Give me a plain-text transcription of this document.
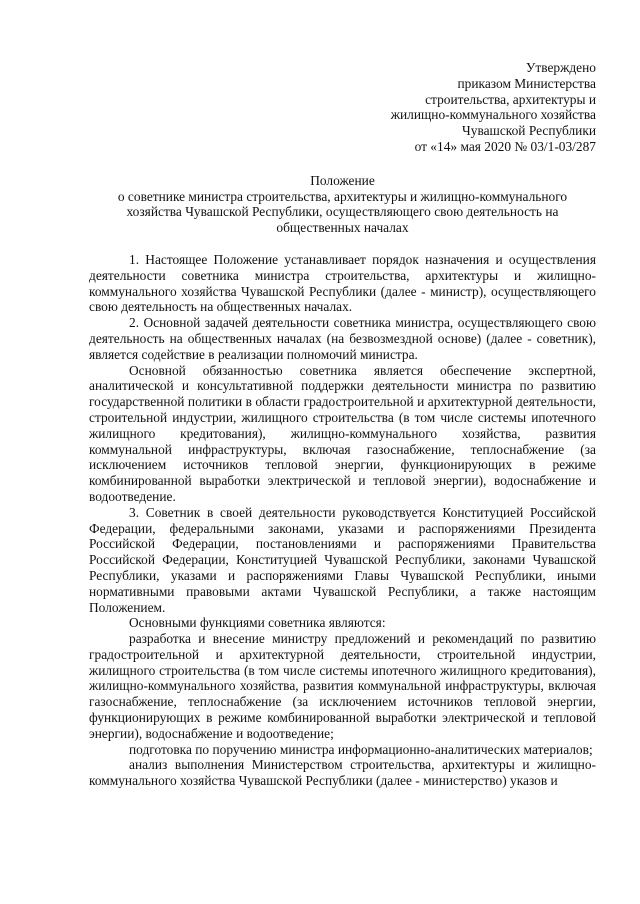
Утверждено
приказом Министерства
строительства, архитектуры и
жилищно-коммунального хозяйства
Чувашской Республики
от «14» мая 2020 № 03/1-03/287
Положение
о советнике министра строительства, архитектуры и жилищно-коммунального
хозяйства Чувашской Республики, осуществляющего свою деятельность на
общественных началах

1. Настоящее Положение устанавливает порядок назначения и осуществления деятельности советника министра строительства, архитектуры и жилищно-коммунального хозяйства Чувашской Республики (далее - министр), осуществляющего свою деятельность на общественных началах.

2. Основной задачей деятельности советника министра, осуществляющего свою деятельность на общественных началах (на безвозмездной основе) (далее - советник), является содействие в реализации полномочий министра.

Основной обязанностью советника является обеспечение экспертной, аналитической и консультативной поддержки деятельности министра по развитию государственной политики в области градостроительной и архитектурной деятельности, строительной индустрии, жилищного строительства (в том числе системы ипотечного жилищного кредитования), жилищно-коммунального хозяйства, развития коммунальной инфраструктуры, включая газоснабжение, теплоснабжение (за исключением источников тепловой энергии, функционирующих в режиме комбинированной выработки электрической и тепловой энергии), водоснабжение и водоотведение.

3. Советник в своей деятельности руководствуется Конституцией Российской Федерации, федеральными законами, указами и распоряжениями Президента Российской Федерации, постановлениями и распоряжениями Правительства Российской Федерации, Конституцией Чувашской Республики, законами Чувашской Республики, указами и распоряжениями Главы Чувашской Республики, иными нормативными правовыми актами Чувашской Республики, а также настоящим Положением.

Основными функциями советника являются:

разработка и внесение министру предложений и рекомендаций по развитию градостроительной и архитектурной деятельности, строительной индустрии, жилищного строительства (в том числе системы ипотечного жилищного кредитования), жилищно-коммунального хозяйства, развития коммунальной инфраструктуры, включая газоснабжение, теплоснабжение (за исключением источников тепловой энергии, функционирующих в режиме комбинированной выработки электрической и тепловой энергии), водоснабжение и водоотведение;

подготовка по поручению министра информационно-аналитических материалов;

анализ выполнения Министерством строительства, архитектуры и жилищно-коммунального хозяйства Чувашской Республики (далее - министерство) указов и
